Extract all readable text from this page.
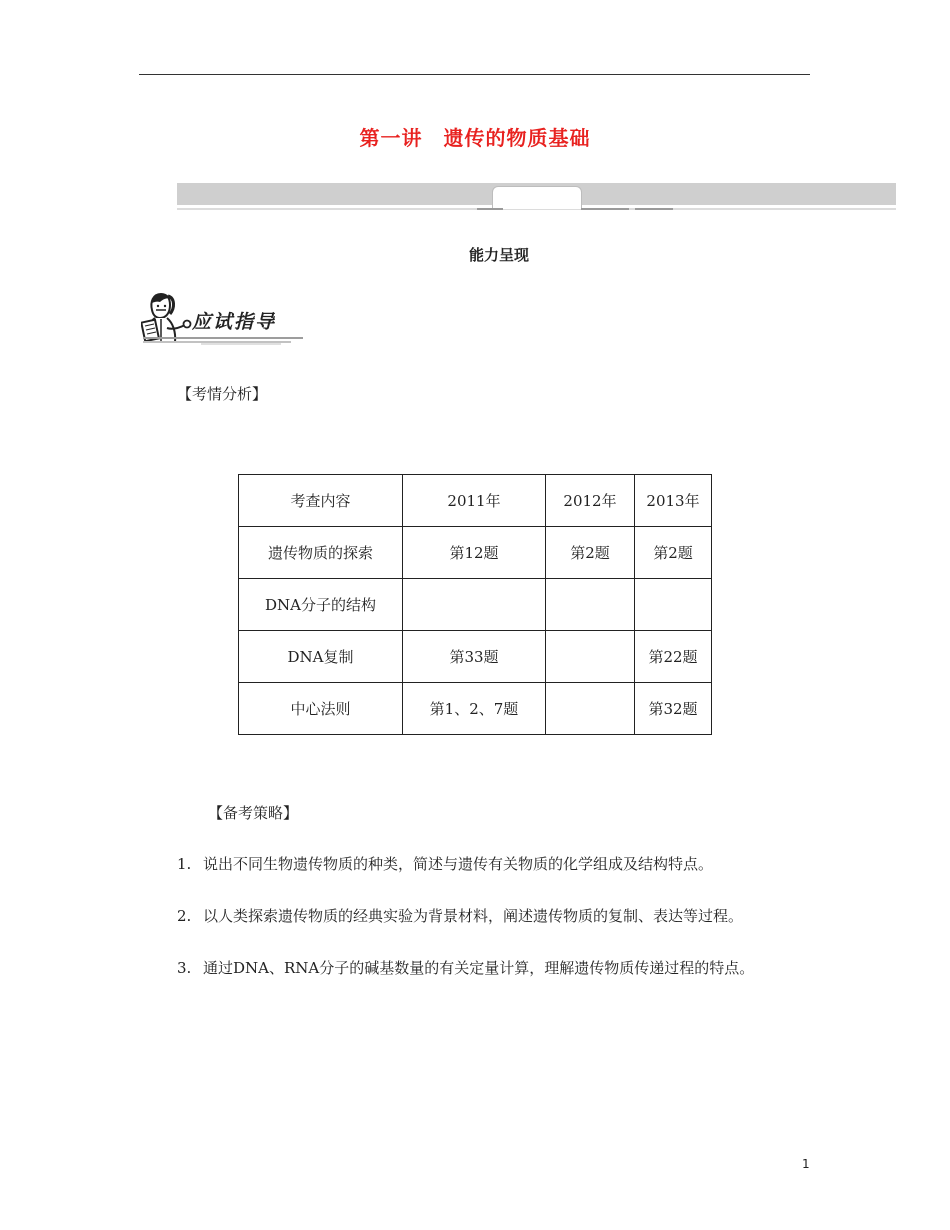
第一讲　遗传的物质基础
能力呈现
应试指导
【考情分析】
考查内容	2011年	2012年	2013年
遗传物质的探索	第12题	第2题	第2题
DNA分子的结构			
DNA复制	第33题		第22题
中心法则	第1、2、7题		第32题
【备考策略】
1. 说出不同生物遗传物质的种类，简述与遗传有关物质的化学组成及结构特点。
2. 以人类探索遗传物质的经典实验为背景材料，阐述遗传物质的复制、表达等过程。
3. 通过DNA、RNA分子的碱基数量的有关定量计算，理解遗传物质传递过程的特点。
1
